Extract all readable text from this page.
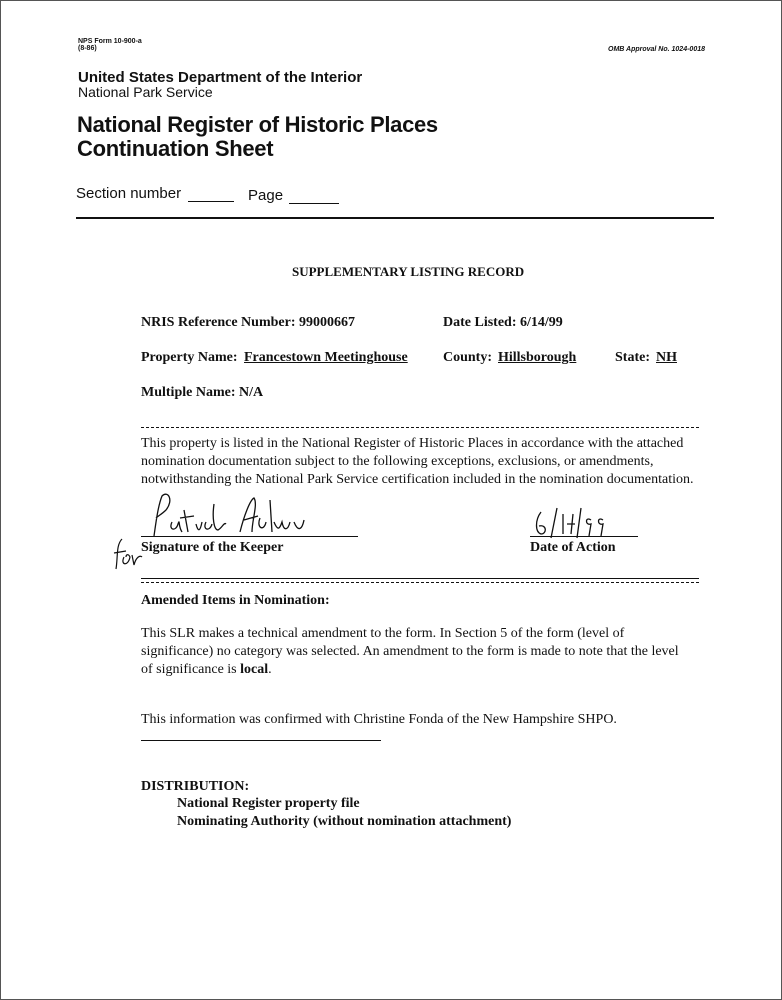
NPS Form 10-900-a
(8-86)	OMB Approval No. 1024-0018
United States Department of the Interior
National Park Service
National Register of Historic Places
Continuation Sheet
Section number	Page
SUPPLEMENTARY LISTING RECORD
NRIS Reference Number: 99000667	Date Listed: 6/14/99
Property Name: Francestown Meetinghouse	County: Hillsborough	State: NH
Multiple Name: N/A
This property is listed in the National Register of Historic Places in accordance with the attached
nomination documentation subject to the following exceptions, exclusions, or amendments,
notwithstanding the National Park Service certification included in the nomination documentation.
Signature of the Keeper	Date of Action
Amended Items in Nomination:
This SLR makes a technical amendment to the form. In Section 5 of the form (level of
significance) no category was selected. An amendment to the form is made to note that the level
of significance is local.
This information was confirmed with Christine Fonda of the New Hampshire SHPO.
DISTRIBUTION:
National Register property file
Nominating Authority (without nomination attachment)
